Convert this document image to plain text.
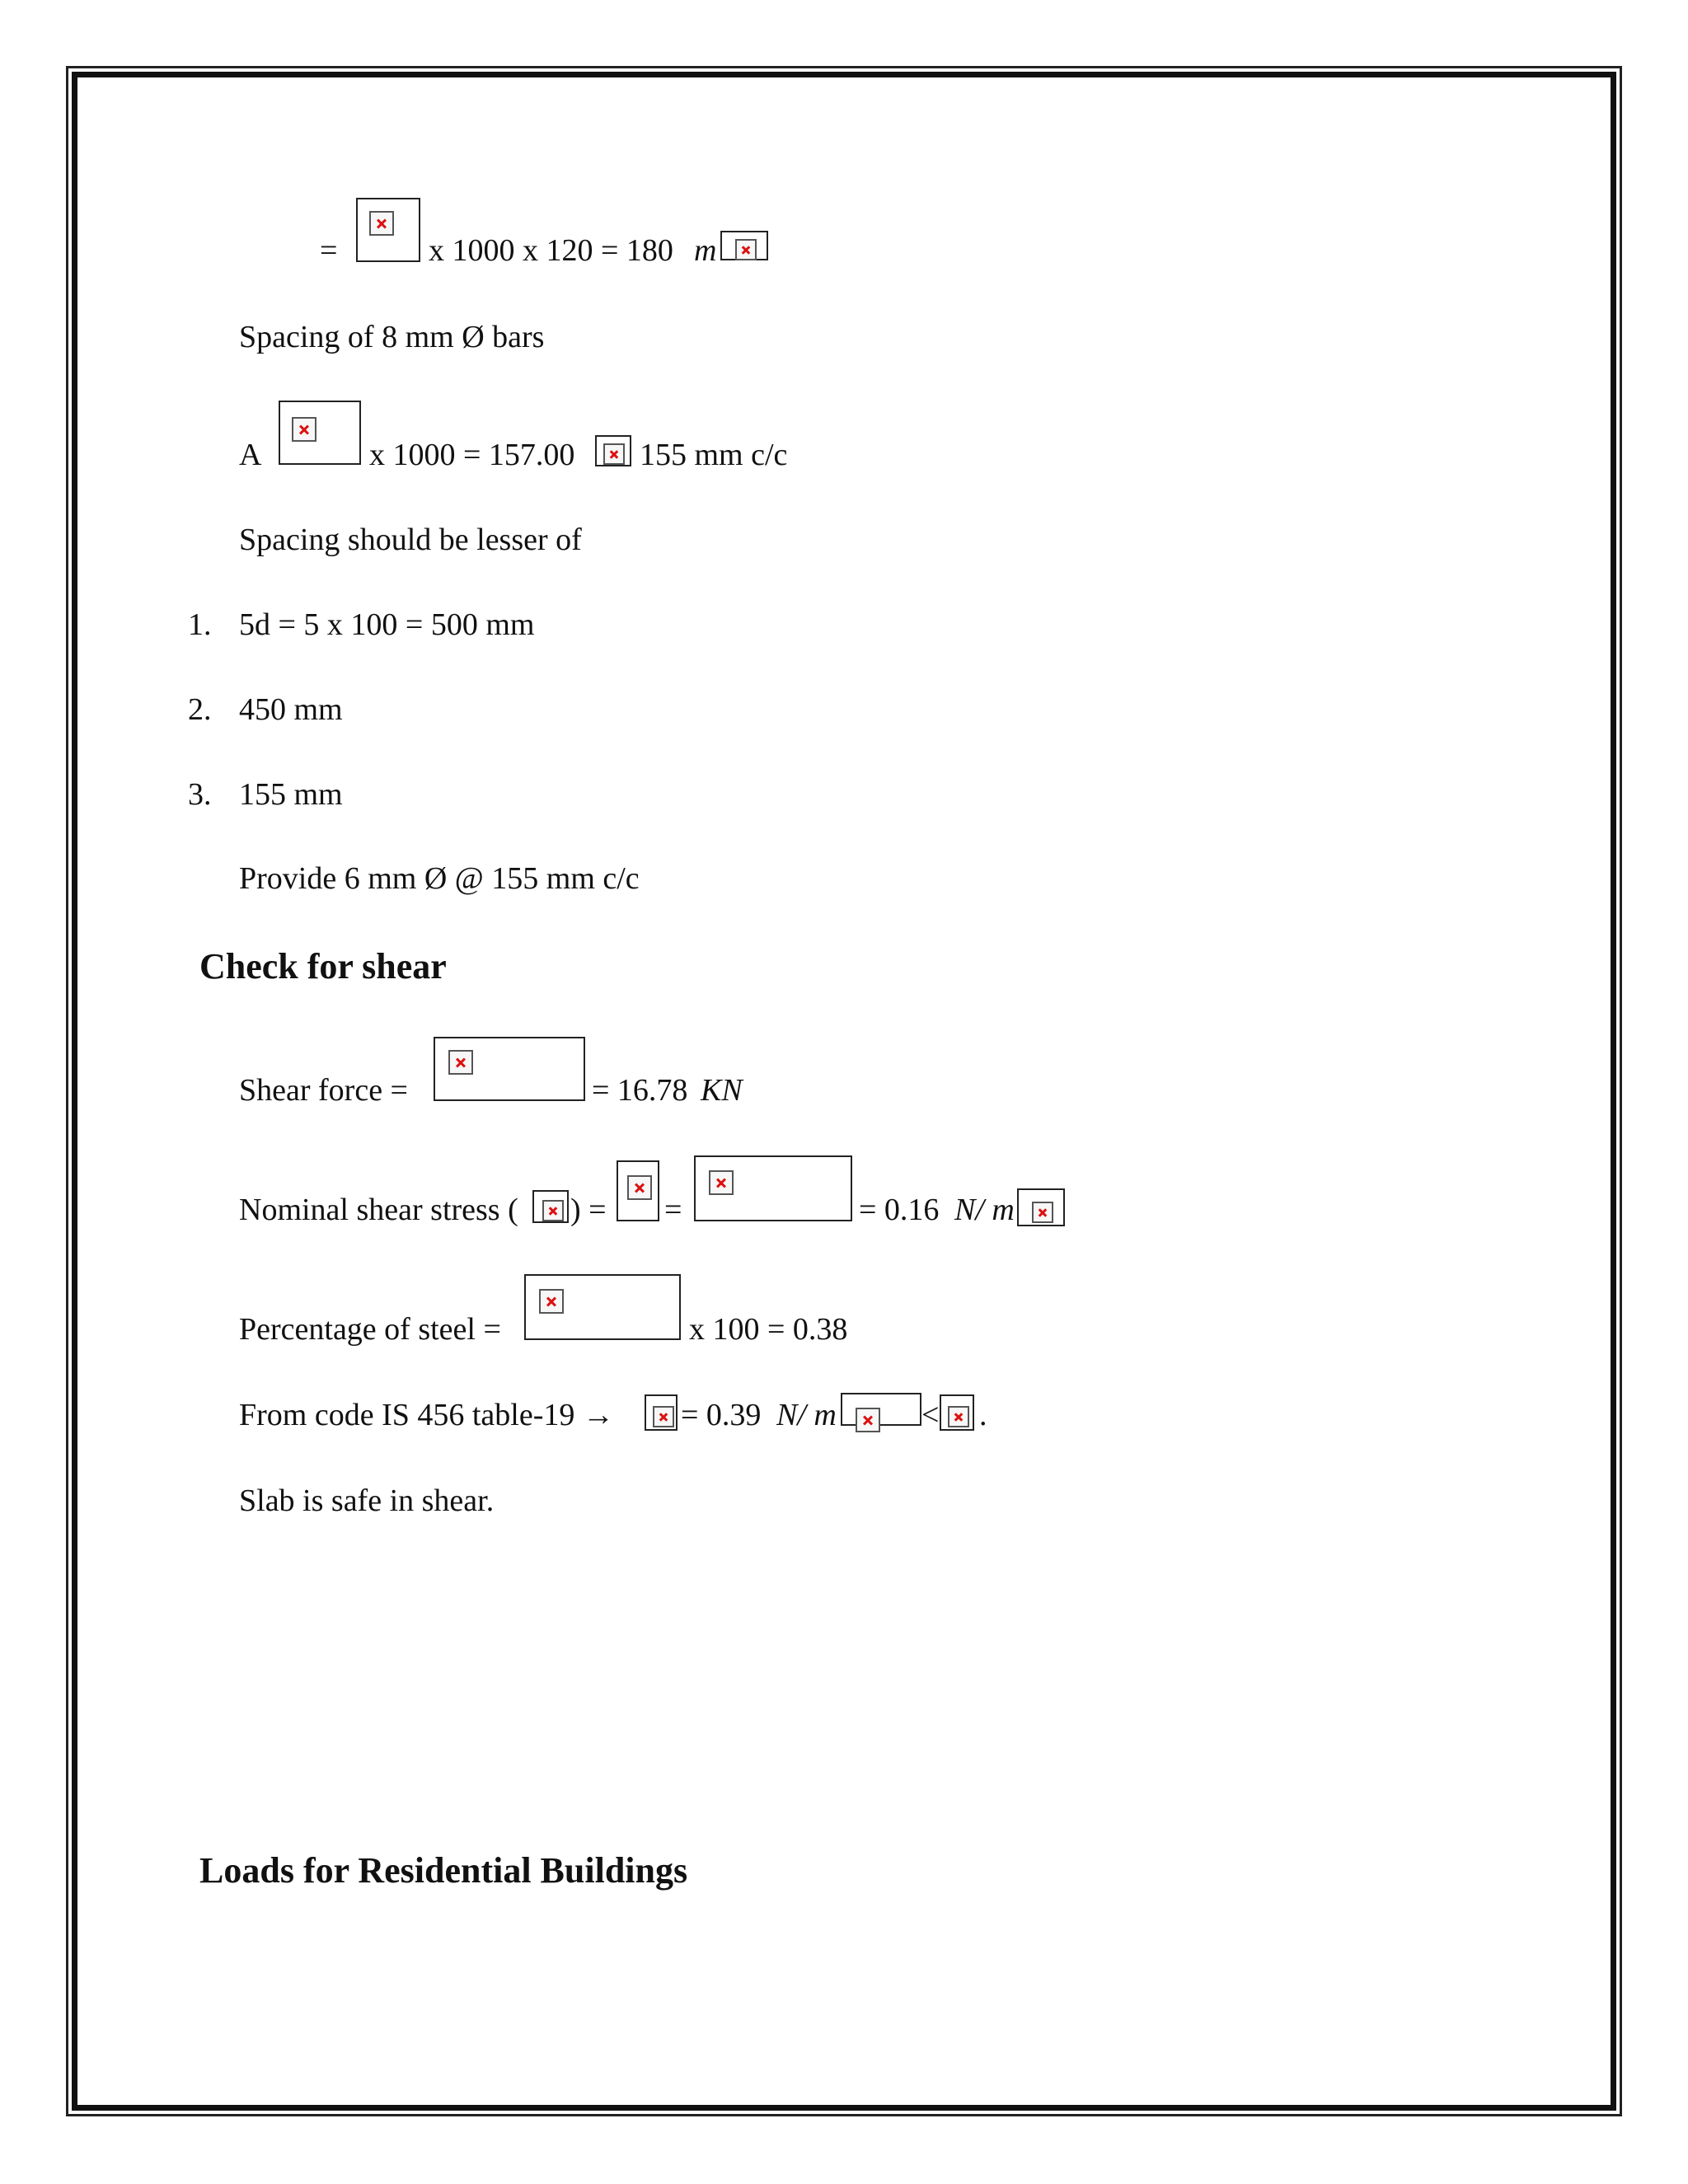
=	x 1000 x 120 = 180 m
Spacing of 8 mm Ø bars
A	x 1000 = 157.00 155 mm c/c
Spacing should be lesser of
1. 5d = 5 x 100 = 500 mm
2. 450 mm
3. 155 mm
Provide 6 mm Ø @ 155 mm c/c
Check for shear
Shear force =	= 16.78 KN
Nominal shear stress ( ) = =	= 0.16 N/ m
Percentage of steel =	x 100 = 0.38
From code IS 456 table-19 → = 0.39 N/ m	< .
Slab is safe in shear.
Loads for Residential Buildings
